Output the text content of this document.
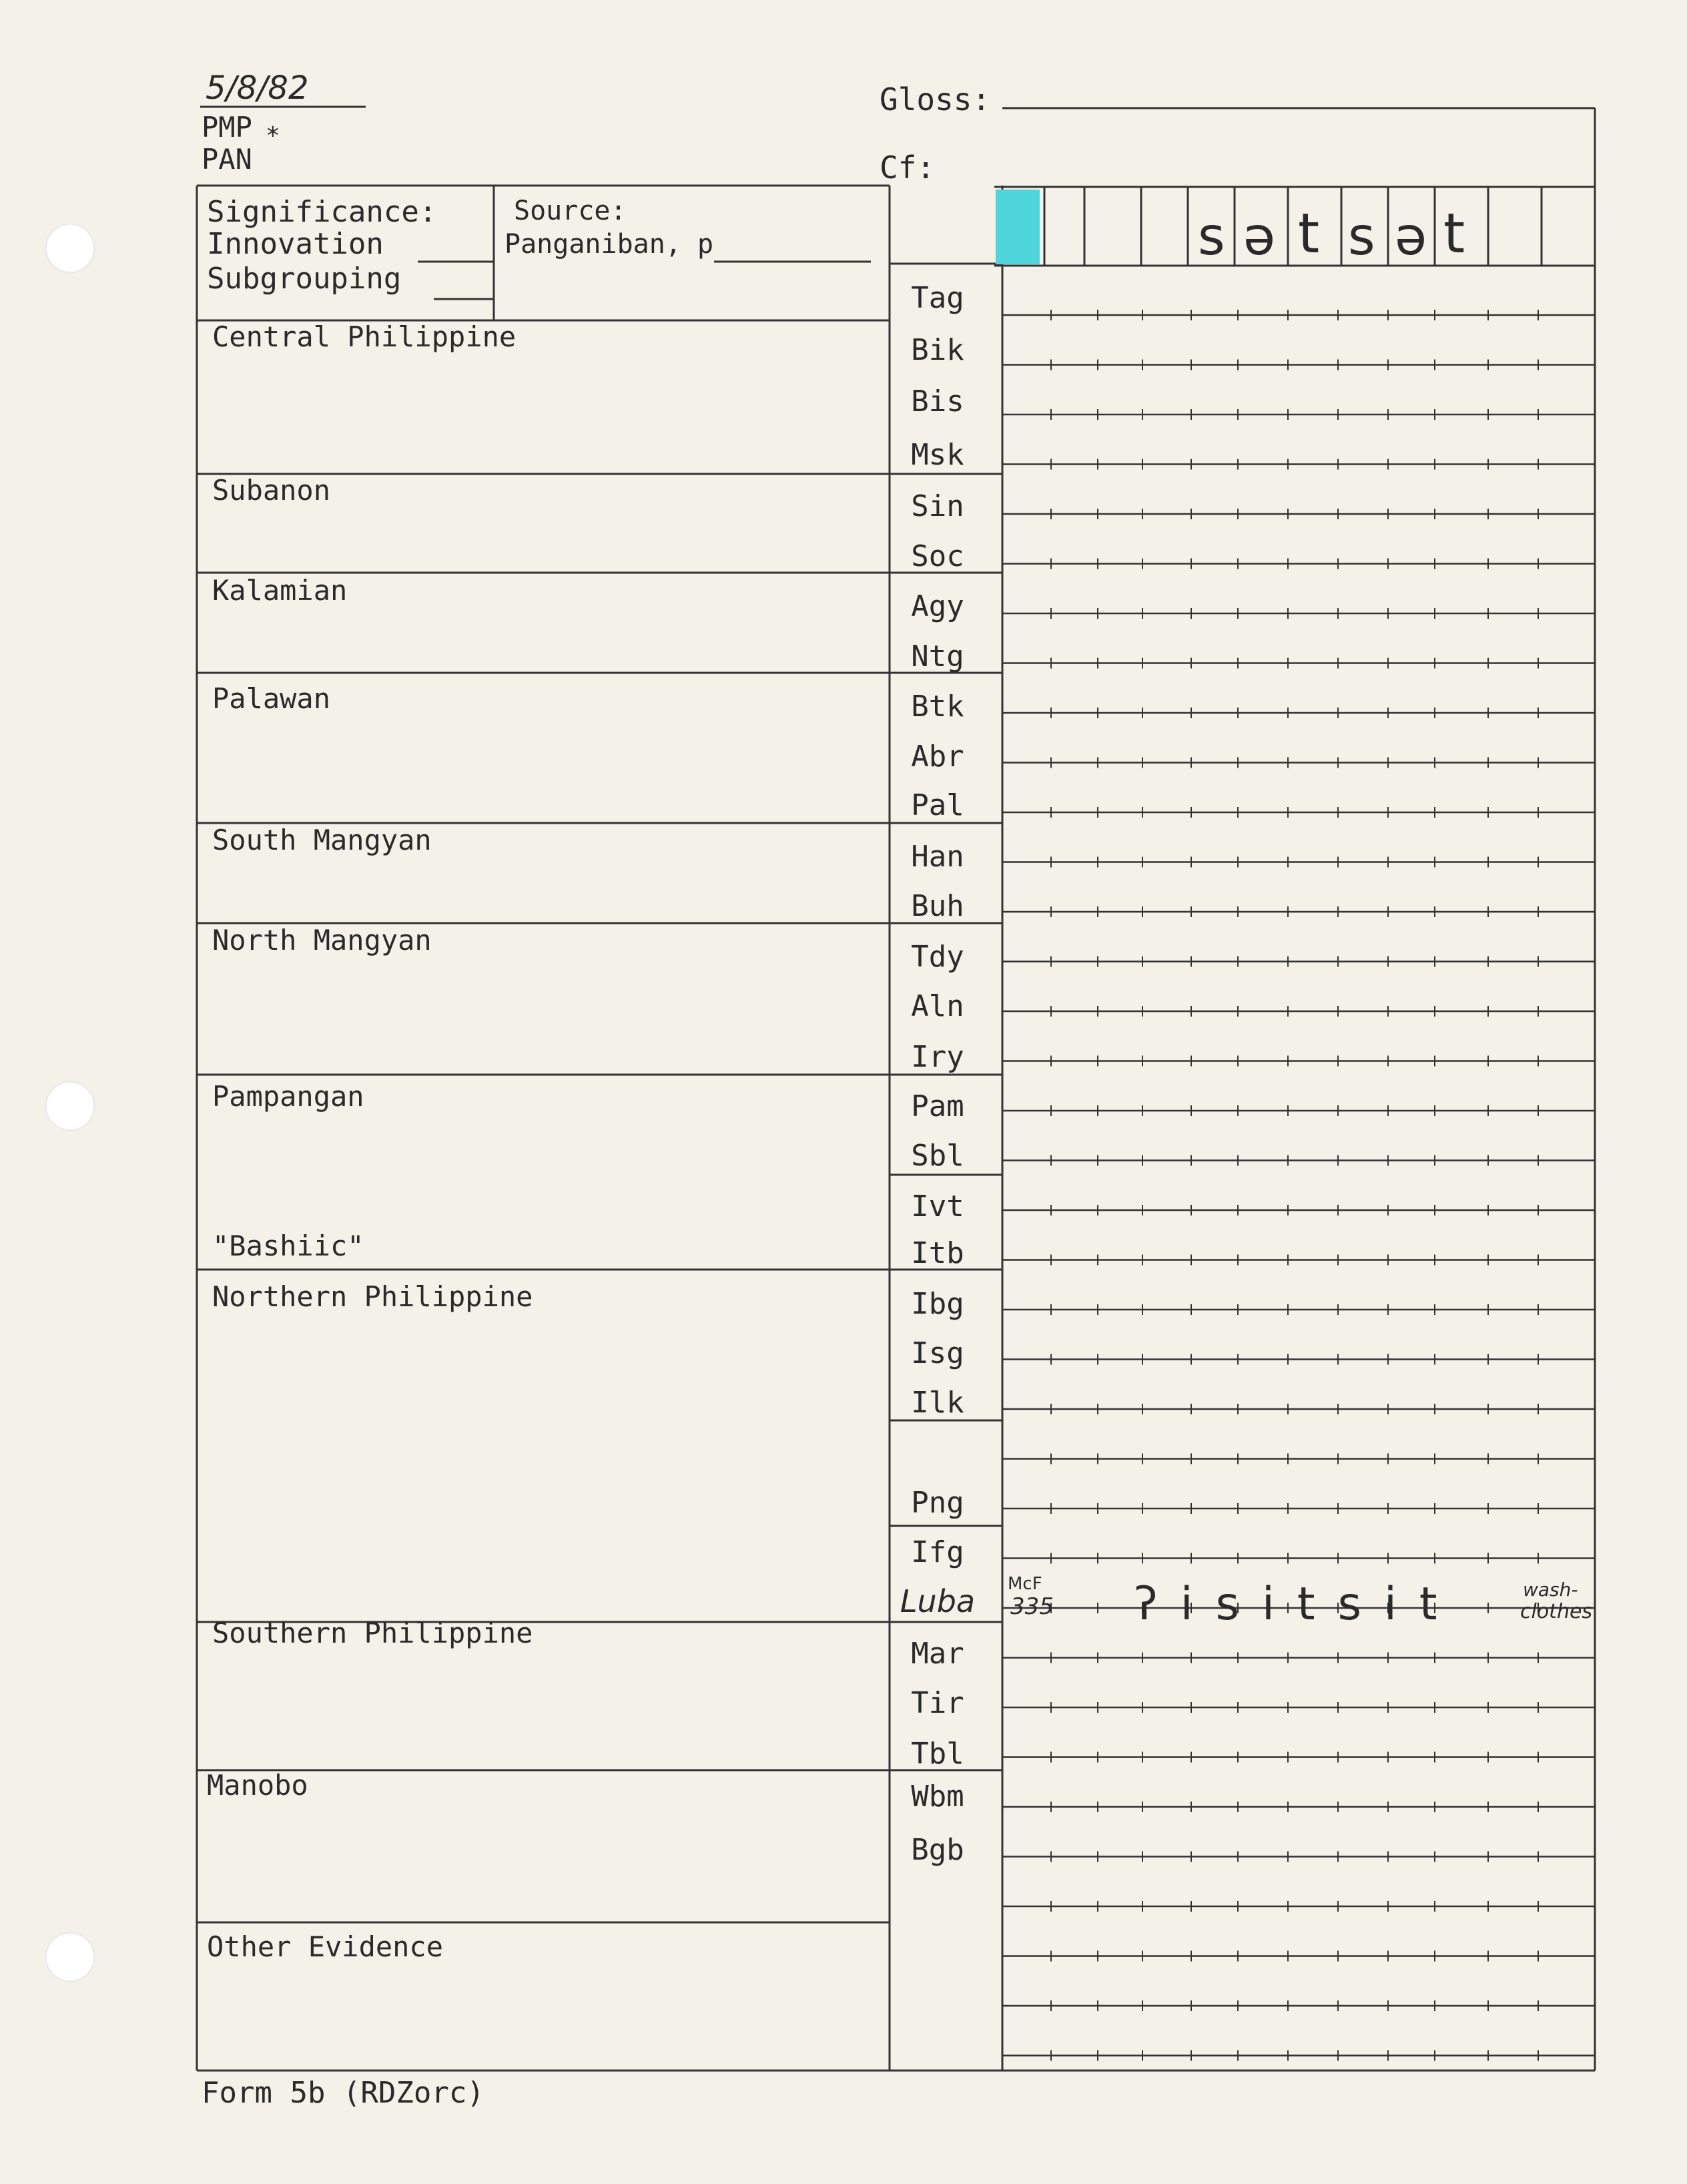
5/8/82
PMP *
PAN
Gloss:
Cf:
Significance:
Innovation
Subgrouping
Source:
Panganiban, p	s ə t s ə t
Central Philippine
Subanon
Kalamian
Palawan
South Mangyan
North Mangyan
Pampangan
"Bashiic"
Northern Philippine
Southern Philippine
Manobo
Other Evidence
Tag
Bik
Bis
Msk
Sin
Soc
Agy
Ntg
Btk
Abr
Pal
Han
Buh
Tdy
Aln
Iry
Pam
Sbl
Ivt
Itb
Ibg
Isg
Ilk
Png
Ifg
Luba
Mar
Tir
Tbl
Wbm
Bgb
McF
335 ʔisitsit	wash-
clothes
Form 5b (RDZorc)
